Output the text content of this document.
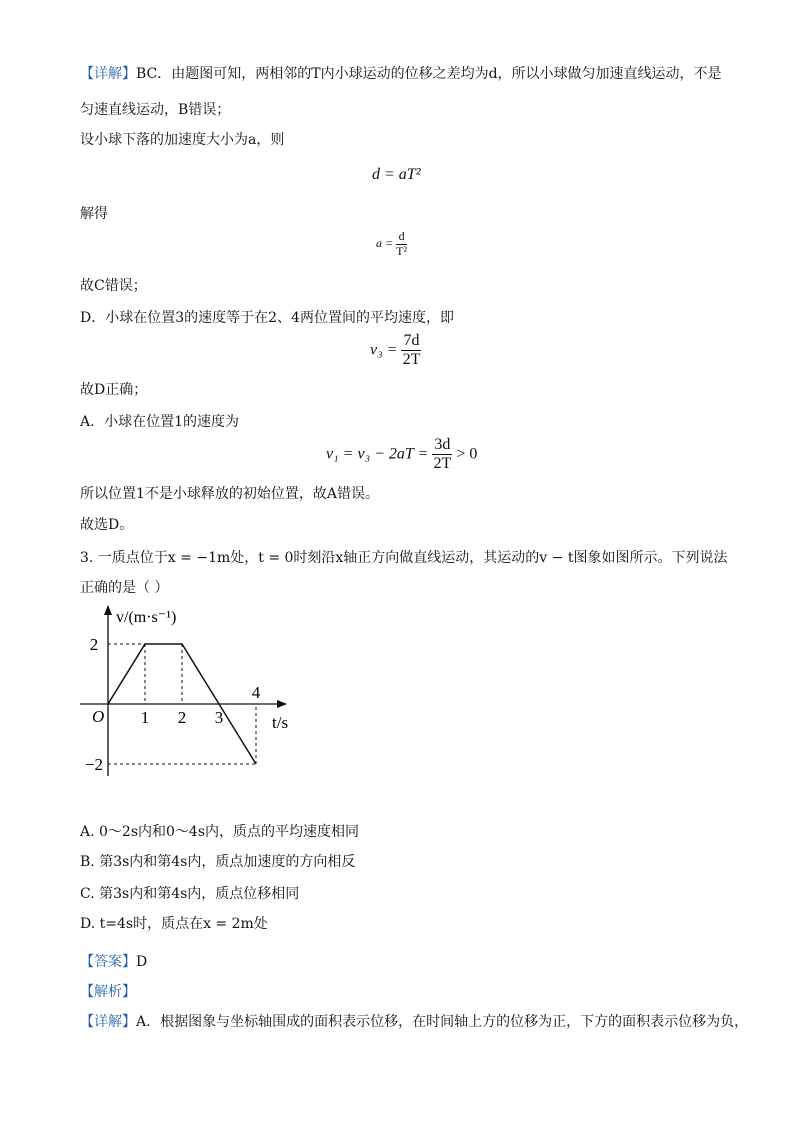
【详解】BC．由题图可知，两相邻的T内小球运动的位移之差均为d，所以小球做匀加速直线运动，不是
匀速直线运动，B错误；
设小球下落的加速度大小为a，则
d = aT²
解得
$a = \frac{d}{\text{T²}}$
故C错误；
D．小球在位置3的速度等于在2、4两位置间的平均速度，即
$v_3 = \frac{7d}{2T}$
故D正确；
A．小球在位置1的速度为
$v_1 = v_3 - 2aT = \frac{3d}{2T} > 0$
所以位置1不是小球释放的初始位置，故A错误。
故选D。
3. 一质点位于x = −1m处，t = 0时刻沿x轴正方向做直线运动，其运动的v − t图象如图所示。下列说法
正确的是（ ）
1 2 3
4
2
−2
O
v/(m·s⁻¹)
t/s
A. 0～2s内和0～4s内，质点的平均速度相同
B. 第3s内和第4s内，质点加速度的方向相反
C. 第3s内和第4s内，质点位移相同
D. t=4s时，质点在x = 2m处
【答案】D
【解析】
【详解】A．根据图象与坐标轴围成的面积表示位移，在时间轴上方的位移为正，下方的面积表示位移为负，
